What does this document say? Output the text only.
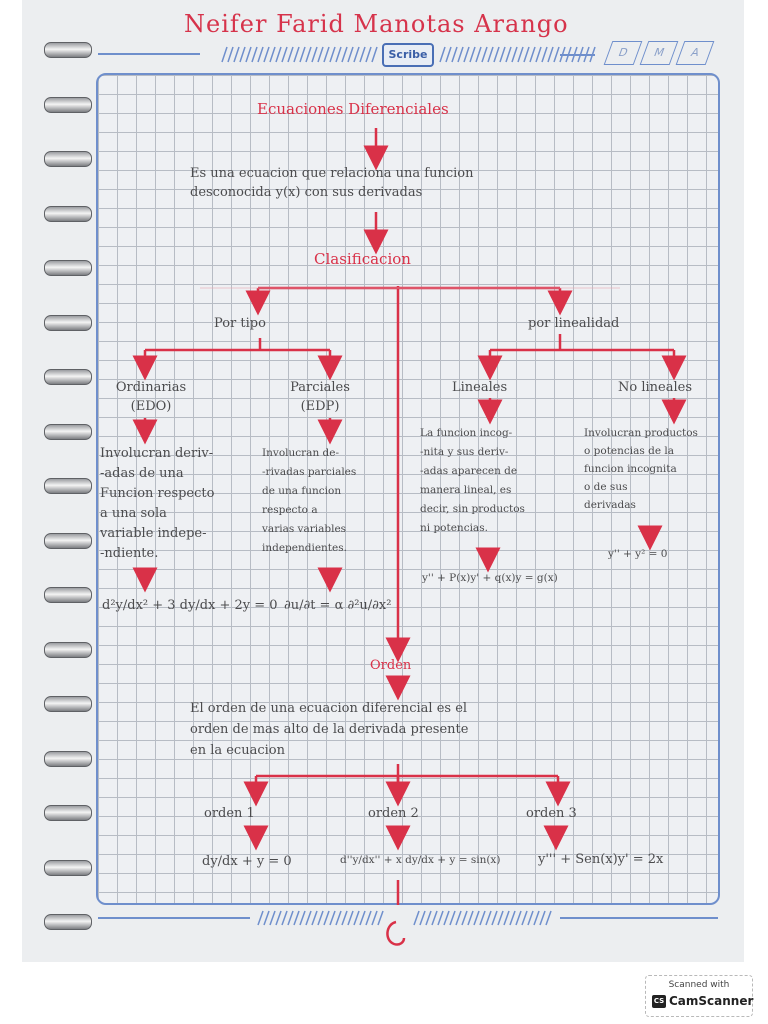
Neifer Farid Manotas Arango
Scribe	D	M	A
Ecuaciones Diferenciales
Es una ecuacion que relaciona una funcion
desconocida y(x) con sus derivadas
Clasificacion
Por tipo	por linealidad
Ordinarias
(EDO)
Parciales
(EDP)
Lineales	No lineales
Involucran deriv-
-adas de una
Funcion respecto
a una sola
variable indepe-
-ndiente.
Involucran de-
-rivadas parciales
de una funcion
respecto a
varias variables
independientes.
La funcion incog-
-nita y sus deriv-
-adas aparecen de
manera lineal, es
decir, sin productos
ni potencias.
Involucran productos
o potencias de la
funcion incognita
o de sus
derivadas
d²y/dx² + 3 dy/dx + 2y = 0 ∂u/∂t = α ∂²u/∂x²
y'' + P(x)y' + q(x)y = g(x)
y'' + y² = 0
Orden
El orden de una ecuacion diferencial es el
orden de mas alto de la derivada presente
en la ecuacion
orden 1	orden 2	orden 3
dy/dx + y = 0	d''y/dx'' + x dy/dx + y = sin(x)	y''' + Sen(x)y' = 2x
Scanned with
CS CamScanner
